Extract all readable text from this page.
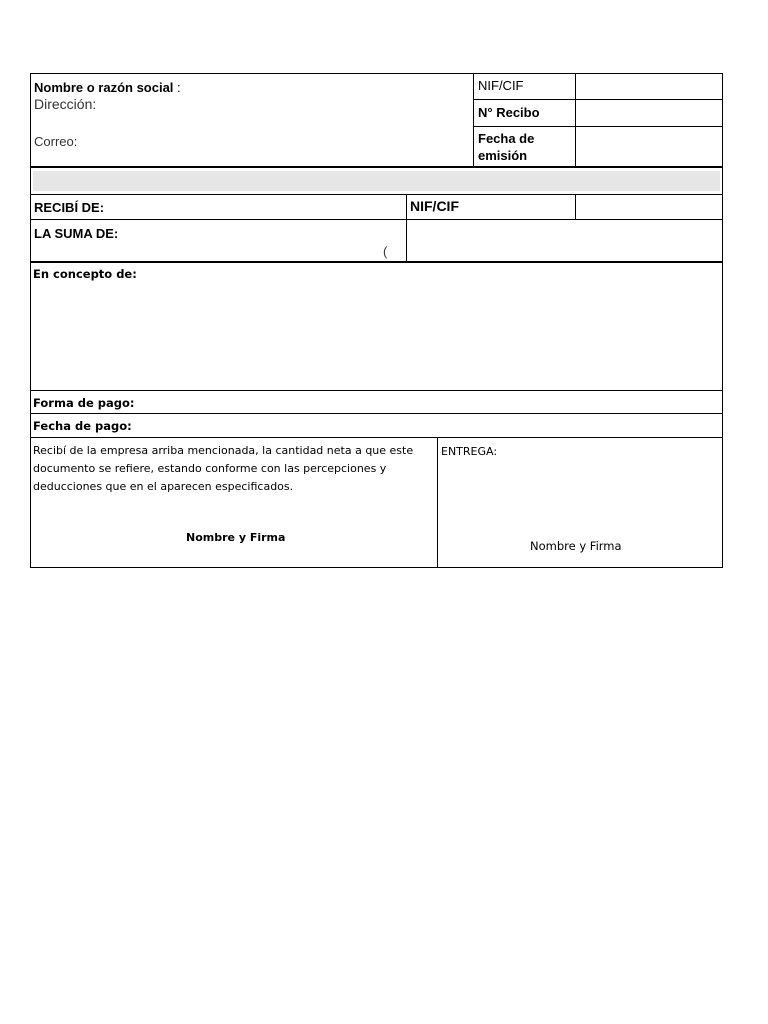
Nombre o razón social :
Dirección:
Correo:
NIF/CIF
N° Recibo
Fecha de
emisión
RECIBÍ DE:	NIF/CIF
LA SUMA DE:
(
En concepto de:
Forma de pago:
Fecha de pago:
Recibí de la empresa arriba mencionada, la cantidad neta a que este
documento se refiere, estando conforme con las percepciones y
deducciones que en el aparecen especificados.
Nombre y Firma
ENTREGA:
Nombre y Firma
